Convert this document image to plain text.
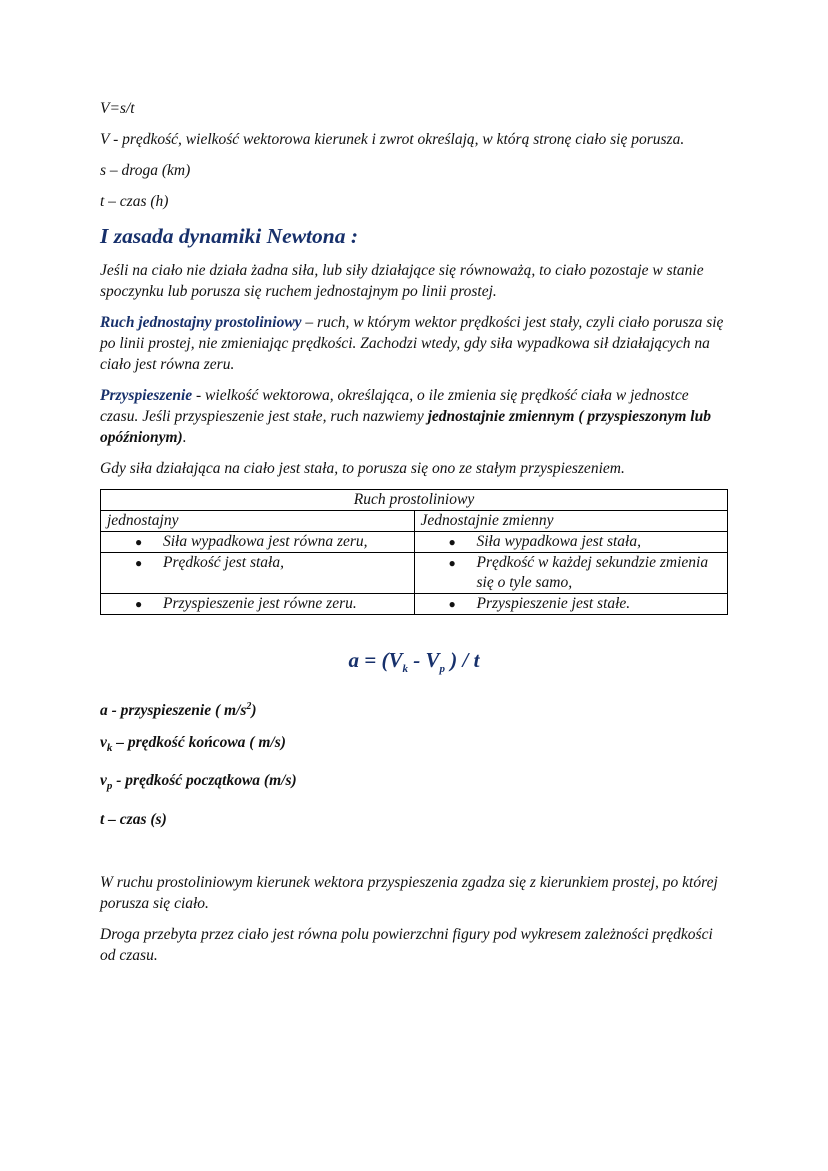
V=s/t

V - prędkość, wielkość wektorowa kierunek i zwrot określają, w którą stronę ciało się porusza.

s – droga (km)

t – czas (h)

I zasada dynamiki Newtona :

Jeśli na ciało nie działa żadna siła, lub siły działające się równoważą, to ciało pozostaje w stanie spoczynku lub porusza się ruchem jednostajnym po linii prostej.

Ruch jednostajny prostoliniowy – ruch, w którym wektor prędkości jest stały, czyli ciało porusza się po linii prostej, nie zmieniając prędkości. Zachodzi wtedy, gdy siła wypadkowa sił działających na ciało jest równa zeru.

Przyspieszenie - wielkość wektorowa, określająca, o ile zmienia się prędkość ciała w jednostce czasu. Jeśli przyspieszenie jest stałe, ruch nazwiemy jednostajnie zmiennym ( przyspieszonym lub opóźnionym).

Gdy siła działająca na ciało jest stała, to porusza się ono ze stałym przyspieszeniem.

Ruch prostoliniowy	
jednostajny	Jednostajnie zmienny

● Siła wypadkowa jest równa zeru,	● Siła wypadkowa jest stała,

● Prędkość jest stała,	● Prędkość w każdej sekundzie zmienia się o tyle samo,

● Przyspieszenie jest równe zeru.	● Przyspieszenie jest stałe.
$a = (V_k - V_p$ ) / t

a - przyspieszenie ( $m/s^2$)

$v_k$ – prędkość końcowa ( m/s)

$v_p$ - prędkość początkowa (m/s)

t – czas (s)

W ruchu prostoliniowym kierunek wektora przyspieszenia zgadza się z kierunkiem prostej, po której porusza się ciało.

Droga przebyta przez ciało jest równa polu powierzchni figury pod wykresem zależności prędkości od czasu.
